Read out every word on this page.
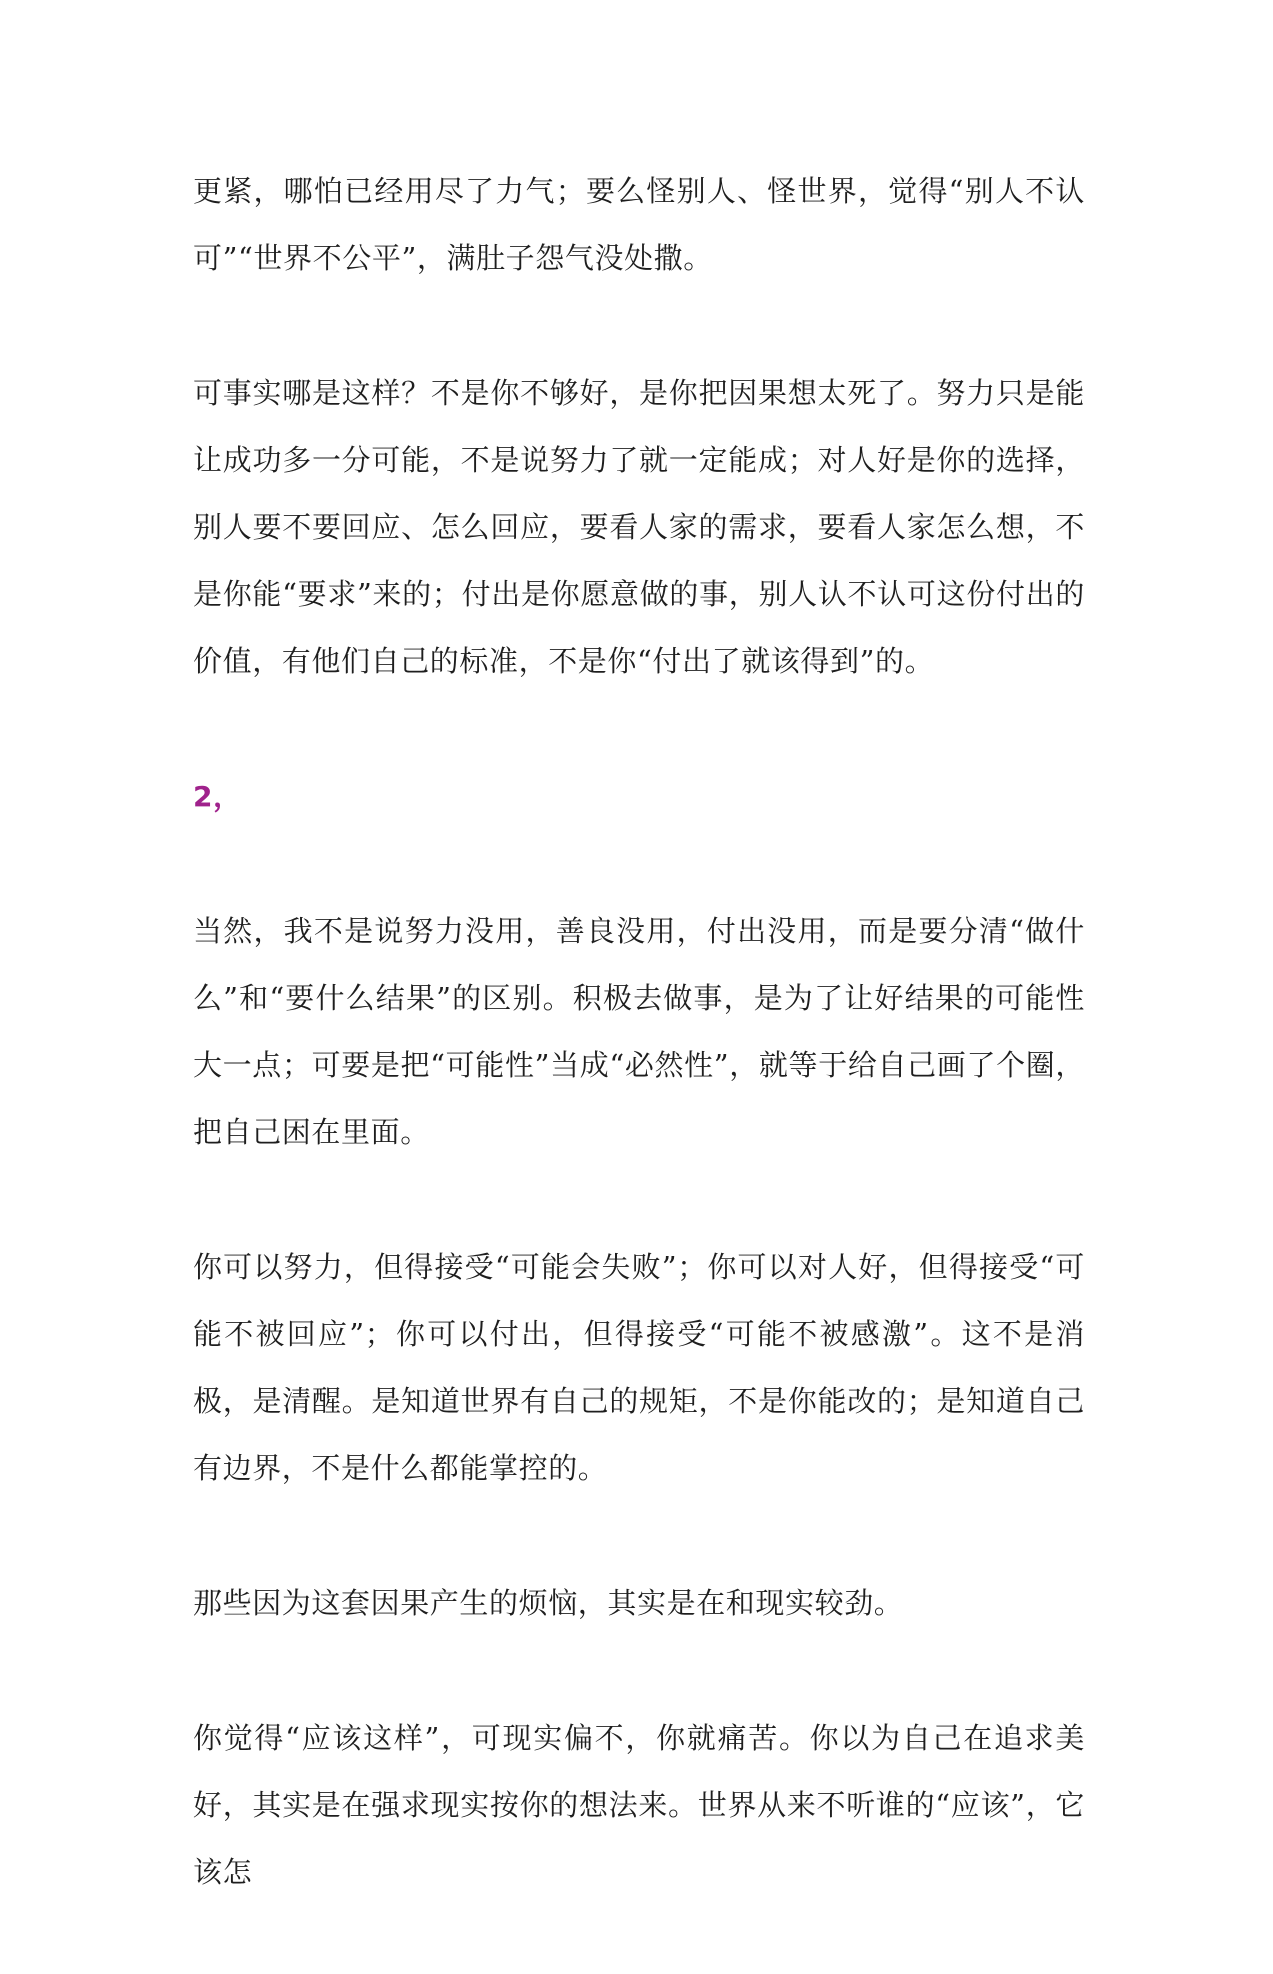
更紧，哪怕已经用尽了力气；要么怪别人、怪世界，觉得“别人不认可”“世界不公平”，满肚子怨气没处撒。

可事实哪是这样？不是你不够好，是你把因果想太死了。努力只是能让成功多一分可能，不是说努力了就一定能成；对人好是你的选择，别人要不要回应、怎么回应，要看人家的需求，要看人家怎么想，不是你能“要求”来的；付出是你愿意做的事，别人认不认可这份付出的价值，有他们自己的标准，不是你“付出了就该得到”的。

2，

当然，我不是说努力没用，善良没用，付出没用，而是要分清“做什么”和“要什么结果”的区别。积极去做事，是为了让好结果的可能性大一点；可要是把“可能性”当成“必然性”，就等于给自己画了个圈，把自己困在里面。

你可以努力，但得接受“可能会失败”；你可以对人好，但得接受“可能不被回应”；你可以付出，但得接受“可能不被感激”。这不是消极，是清醒。是知道世界有自己的规矩，不是你能改的；是知道自己有边界，不是什么都能掌控的。

那些因为这套因果产生的烦恼，其实是在和现实较劲。

你觉得“应该这样”，可现实偏不，你就痛苦。你以为自己在追求美好，其实是在强求现实按你的想法来。世界从来不听谁的“应该”，它该怎
